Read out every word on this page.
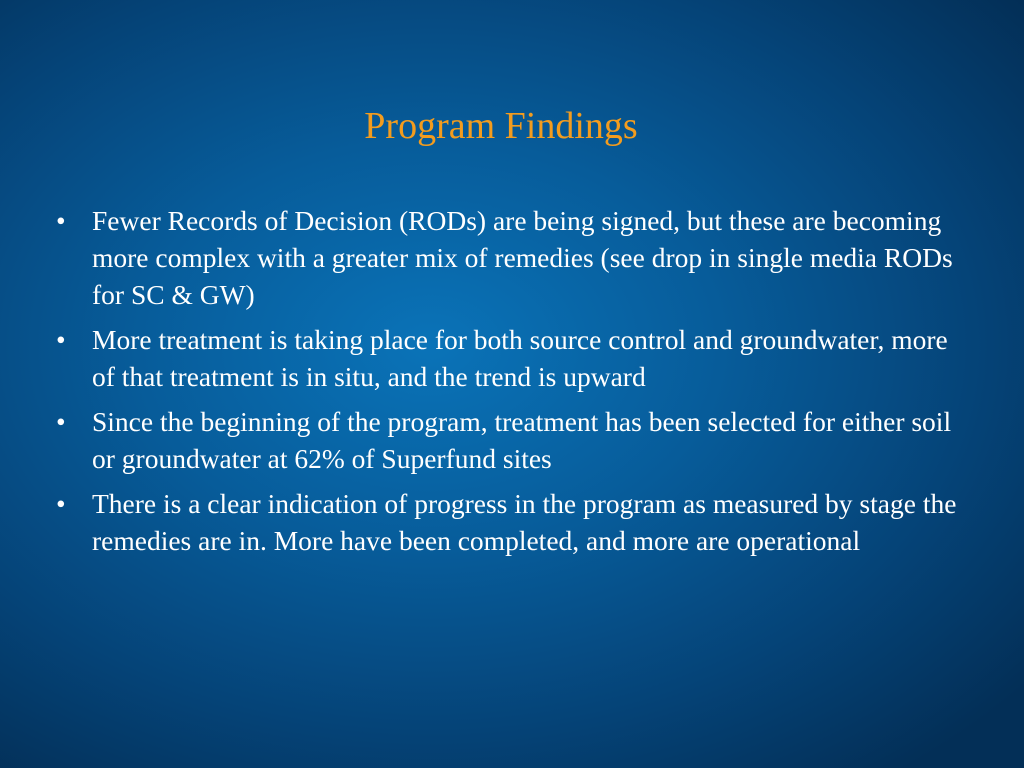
Program Findings
• Fewer Records of Decision (RODs) are being signed, but these are becoming more complex with a greater mix of remedies (see drop in single media RODs for SC & GW)
• More treatment is taking place for both source control and groundwater, more of that treatment is in situ, and the trend is upward
• Since the beginning of the program, treatment has been selected for either soil or groundwater at 62% of Superfund sites
• There is a clear indication of progress in the program as measured by stage the remedies are in. More have been completed, and more are operational
